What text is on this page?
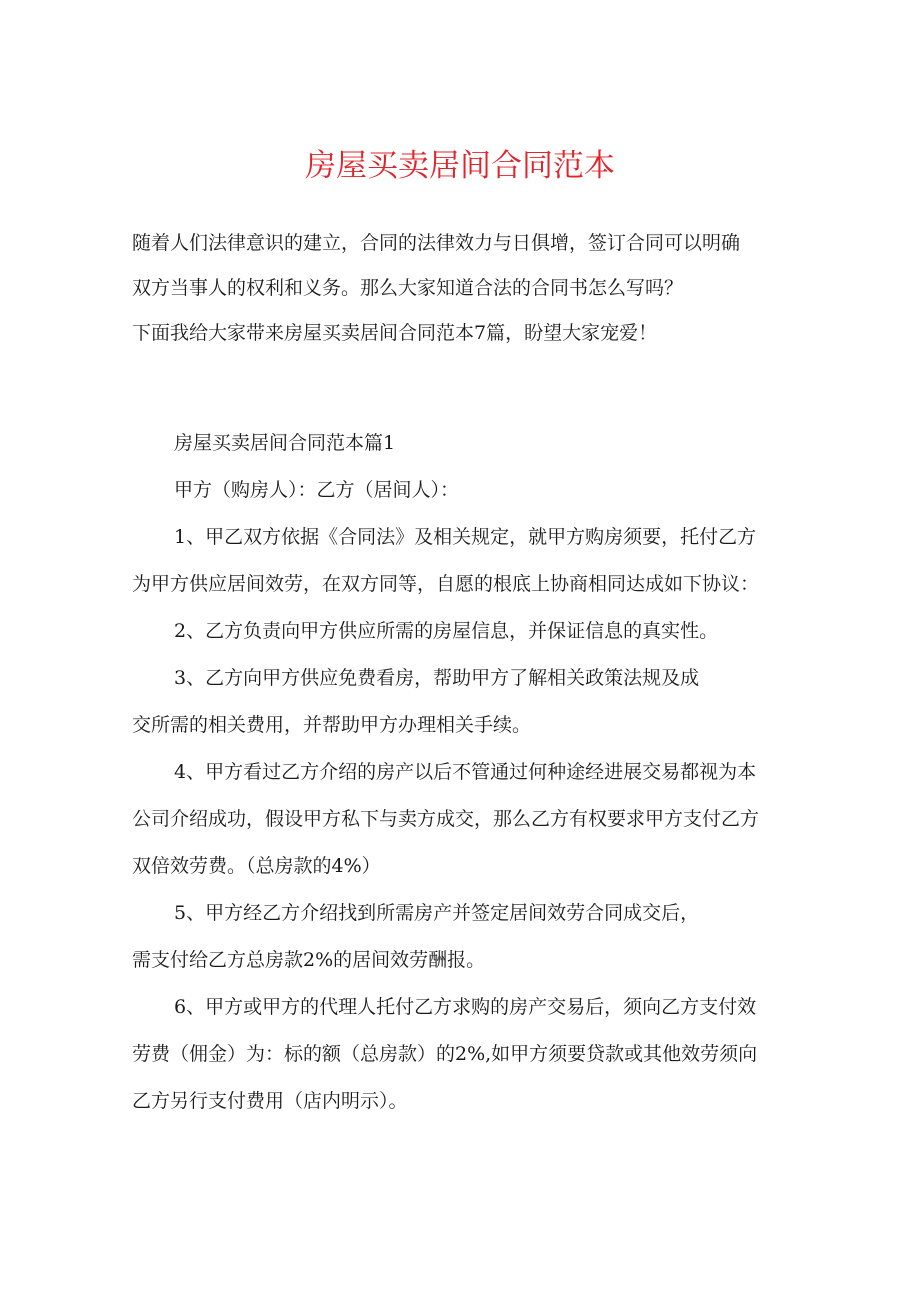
房屋买卖居间合同范本

随着人们法律意识的建立，合同的法律效力与日俱增，签订合同可以明确

双方当事人的权利和义务。那么大家知道合法的合同书怎么写吗？

下面我给大家带来房屋买卖居间合同范本7篇，盼望大家宠爱！

房屋买卖居间合同范本篇1

甲方（购房人）：乙方（居间人）：

1、甲乙双方依据《合同法》及相关规定，就甲方购房须要，托付乙方

为甲方供应居间效劳，在双方同等，自愿的根底上协商相同达成如下协议：

2、乙方负责向甲方供应所需的房屋信息，并保证信息的真实性。

3、乙方向甲方供应免费看房，帮助甲方了解相关政策法规及成

交所需的相关费用，并帮助甲方办理相关手续。

4、甲方看过乙方介绍的房产以后不管通过何种途经进展交易都视为本

公司介绍成功，假设甲方私下与卖方成交，那么乙方有权要求甲方支付乙方

双倍效劳费。（总房款的4%）

5、甲方经乙方介绍找到所需房产并签定居间效劳合同成交后，

需支付给乙方总房款2%的居间效劳酬报。

6、甲方或甲方的代理人托付乙方求购的房产交易后，须向乙方支付效

劳费（佣金）为：标的额（总房款）的2%,如甲方须要贷款或其他效劳须向

乙方另行支付费用（店内明示）。
